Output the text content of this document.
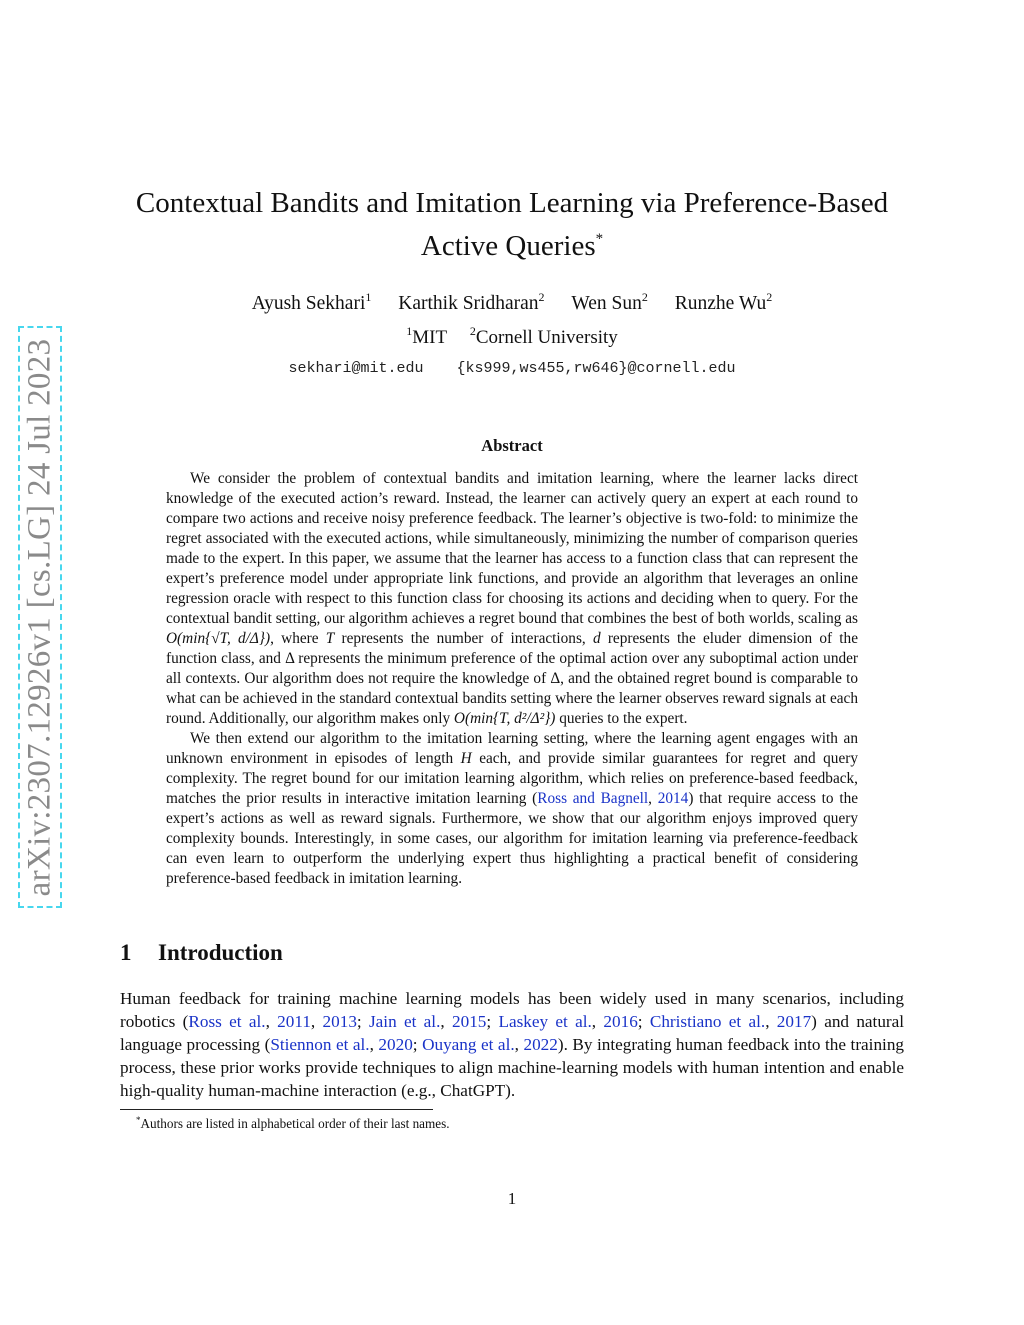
arXiv:2307.12926v1 [cs.LG] 24 Jul 2023
Contextual Bandits and Imitation Learning via Preference-Based
Active Queries*
Ayush Sekhari$^1$ Karthik Sridharan$^2$ Wen Sun$^2$ Runzhe Wu$^2$
$^1$MIT $^2$Cornell University
sekhari@mit.edu {ks999,ws455,rw646}@cornell.edu
Abstract

We consider the problem of contextual bandits and imitation learning, where the learner lacks direct knowledge of the executed action’s reward. Instead, the learner can actively query an expert at each round to compare two actions and receive noisy preference feedback. The learner’s objective is two-fold: to minimize the regret associated with the executed actions, while simultaneously, minimizing the number of comparison queries made to the expert. In this paper, we assume that the learner has access to a function class that can represent the expert’s preference model under appropriate link functions, and provide an algorithm that leverages an online regression oracle with respect to this function class for choosing its actions and deciding when to query. For the contextual bandit setting, our algorithm achieves a regret bound that combines the best of both worlds, scaling as O(min{√T, d/Δ}), where T represents the number of interactions, d represents the eluder dimension of the function class, and Δ represents the minimum preference of the optimal action over any suboptimal action under all contexts. Our algorithm does not require the knowledge of Δ, and the obtained regret bound is comparable to what can be achieved in the standard contextual bandits setting where the learner observes reward signals at each round. Additionally, our algorithm makes only O(min{T, d²/Δ²}) queries to the expert.

We then extend our algorithm to the imitation learning setting, where the learning agent engages with an unknown environment in episodes of length H each, and provide similar guarantees for regret and query complexity. The regret bound for our imitation learning algorithm, which relies on preference-based feedback, matches the prior results in interactive imitation learning (Ross and Bagnell, 2014) that require access to the expert’s actions as well as reward signals. Furthermore, we show that our algorithm enjoys improved query complexity bounds. Interestingly, in some cases, our algorithm for imitation learning via preference-feedback can even learn to outperform the underlying expert thus highlighting a practical benefit of considering preference-based feedback in imitation learning.

1 Introduction

Human feedback for training machine learning models has been widely used in many scenarios, including robotics (Ross et al., 2011, 2013; Jain et al., 2015; Laskey et al., 2016; Christiano et al., 2017) and natural language processing (Stiennon et al., 2020; Ouyang et al., 2022). By integrating human feedback into the training process, these prior works provide techniques to align machine-learning models with human intention and enable high-quality human-machine interaction (e.g., ChatGPT).

*Authors are listed in alphabetical order of their last names.
1
